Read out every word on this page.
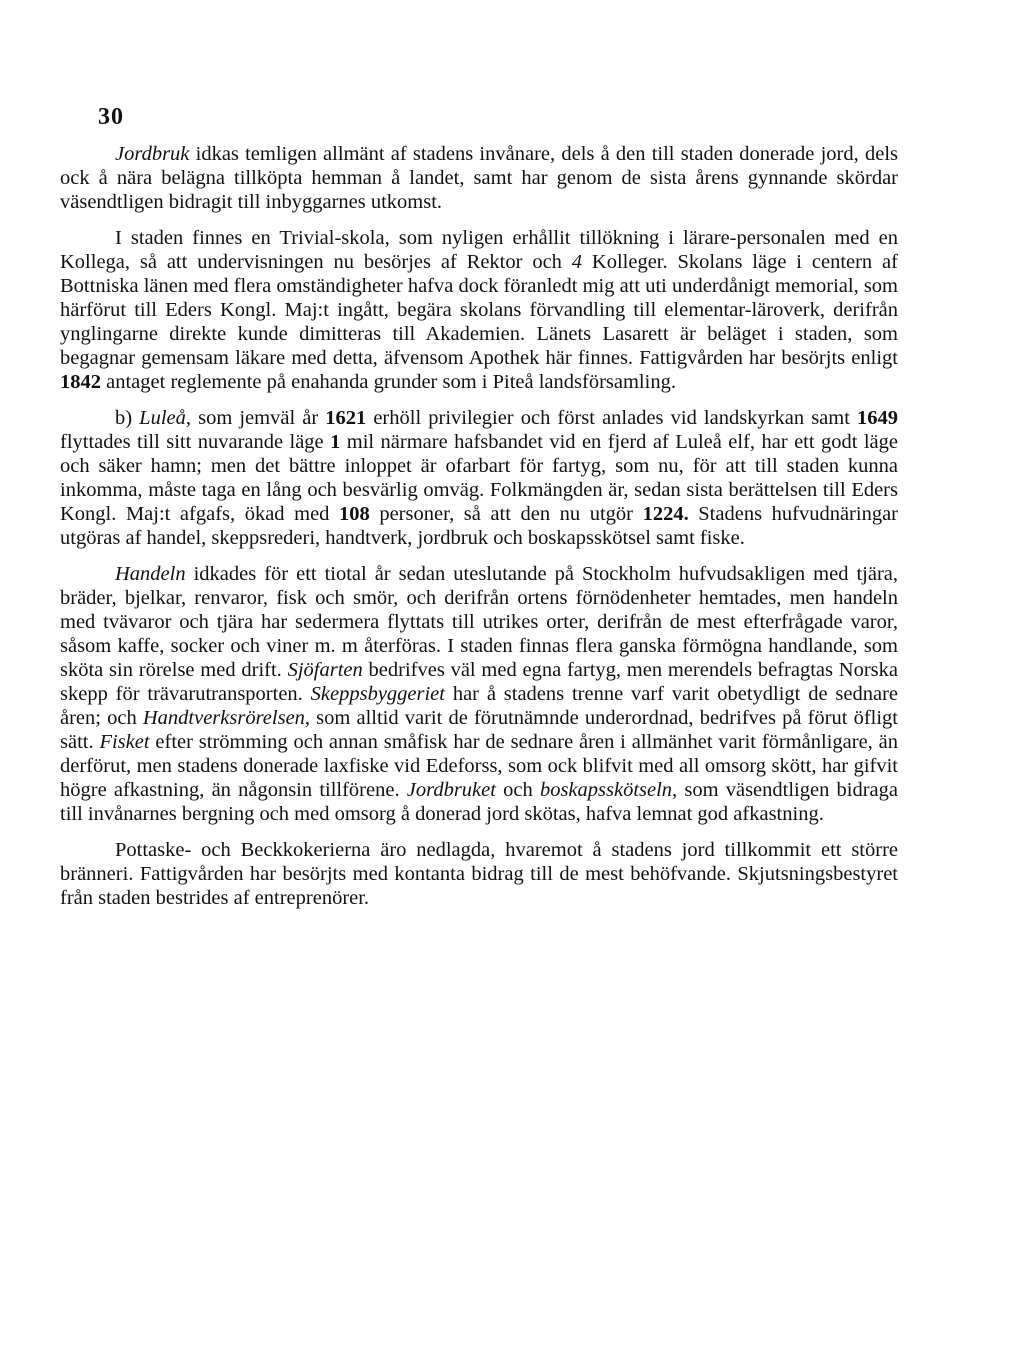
30

Jordbruk idkas temligen allmänt af stadens invånare, dels å den till staden donerade jord, dels ock å nära belägna tillköpta hemman å landet, samt har genom de sista årens gynnande skördar väsendtligen bidragit till inbyggarnes utkomst.

I staden finnes en Trivial-skola, som nyligen erhållit tillökning i lärare-personalen med en Kollega, så att undervisningen nu besörjes af Rektor och 4 Kolleger. Skolans läge i centern af Bottniska länen med flera omständigheter hafva dock föranledt mig att uti underdånigt memorial, som härförut till Eders Kongl. Maj:t ingått, begära skolans förvandling till elementar-läroverk, derifrån ynglingarne direkte kunde dimitteras till Akademien. Länets Lasarett är beläget i staden, som begagnar gemensam läkare med detta, äfvensom Apothek här finnes. Fattigvården har besörjts enligt 1842 antaget reglemente på enahanda grunder som i Piteå landsförsamling.

b) Luleå, som jemväl år 1621 erhöll privilegier och först anlades vid landskyrkan samt 1649 flyttades till sitt nuvarande läge 1 mil närmare hafsbandet vid en fjerd af Luleå elf, har ett godt läge och säker hamn; men det bättre inloppet är ofarbart för fartyg, som nu, för att till staden kunna inkomma, måste taga en lång och besvärlig omväg. Folkmängden är, sedan sista berättelsen till Eders Kongl. Maj:t afgafs, ökad med 108 personer, så att den nu utgör 1224. Stadens hufvudnäringar utgöras af handel, skeppsrederi, handtverk, jordbruk och boskapsskötsel samt fiske.

Handeln idkades för ett tiotal år sedan uteslutande på Stockholm hufvudsakligen med tjära, bräder, bjelkar, renvaror, fisk och smör, och derifrån ortens förnödenheter hemtades, men handeln med tvävaror och tjära har sedermera flyttats till utrikes orter, derifrån de mest efterfrågade varor, såsom kaffe, socker och viner m. m återföras. I staden finnas flera ganska förmögna handlande, som sköta sin rörelse med drift. Sjöfarten bedrifves väl med egna fartyg, men merendels befragtas Norska skepp för trävarutransporten. Skeppsbyggeriet har å stadens trenne varf varit obetydligt de sednare åren; och Handtverksrörelsen, som alltid varit de förutnämnde underordnad, bedrifves på förut öfligt sätt. Fisket efter strömming och annan småfisk har de sednare åren i allmänhet varit förmånligare, än derförut, men stadens donerade laxfiske vid Edeforss, som ock blifvit med all omsorg skött, har gifvit högre afkastning, än någonsin tillförene. Jordbruket och boskapsskötseln, som väsendtligen bidraga till invånarnes bergning och med omsorg å donerad jord skötas, hafva lemnat god afkastning.

Pottaske- och Beckkokerierna äro nedlagda, hvaremot å stadens jord tillkommit ett större bränneri. Fattigvården har besörjts med kontanta bidrag till de mest behöfvande. Skjutsningsbestyret från staden bestrides af entreprenörer.
